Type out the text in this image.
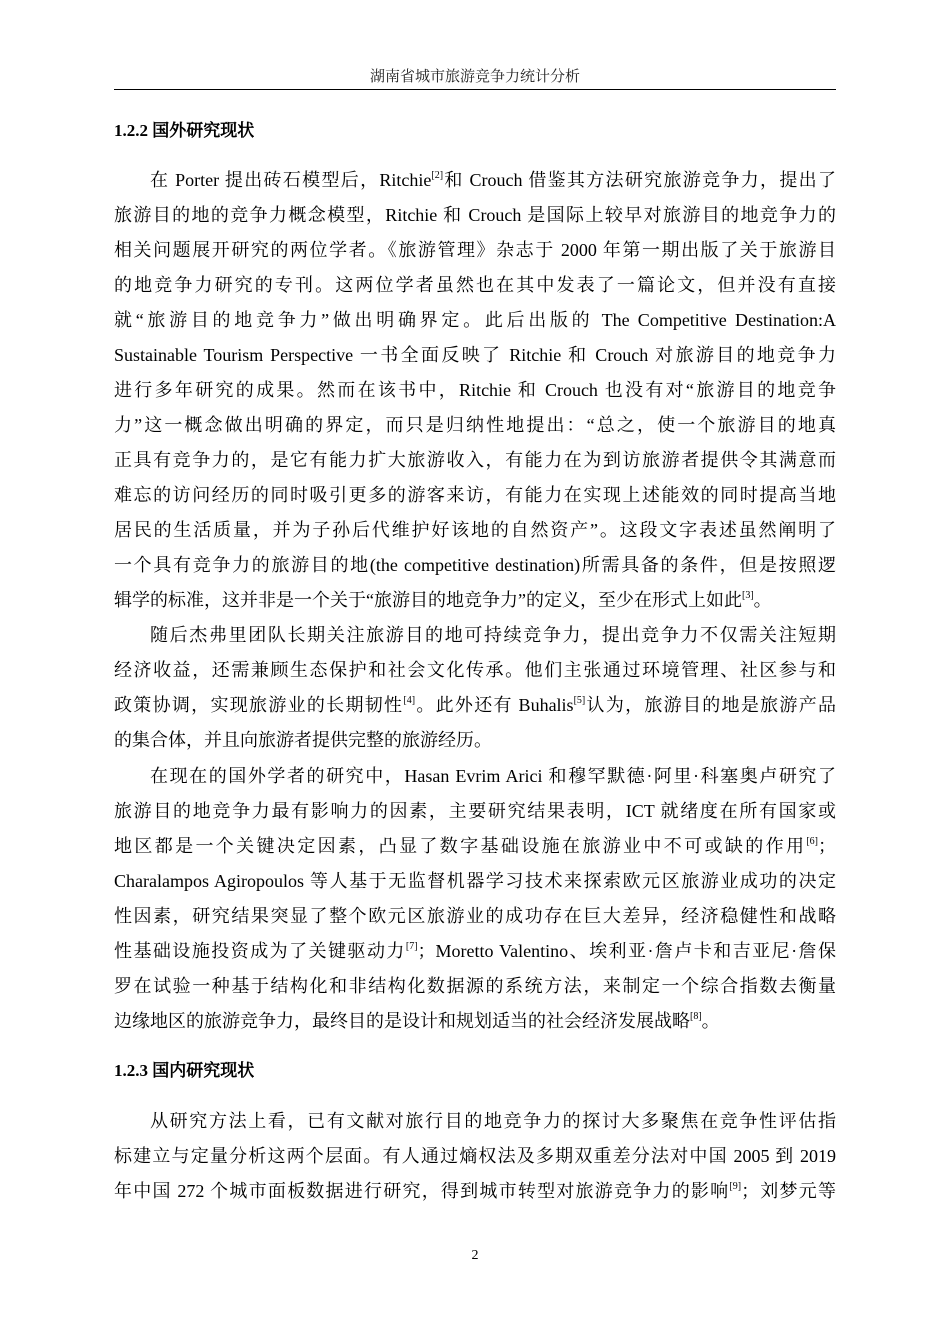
湖南省城市旅游竞争力统计分析
1.2.2 国外研究现状
在 Porter 提出砖石模型后，Ritchie[2]和 Crouch 借鉴其方法研究旅游竞争力，提出了
旅游目的地的竞争力概念模型，Ritchie 和 Crouch 是国际上较早对旅游目的地竞争力的
相关问题展开研究的两位学者。《旅游管理》杂志于 2000 年第一期出版了关于旅游目
的地竞争力研究的专刊。这两位学者虽然也在其中发表了一篇论文，但并没有直接
就“旅游目的地竞争力”做出明确界定。此后出版的 The Competitive Destination:A
Sustainable Tourism Perspective 一书全面反映了 Ritchie 和 Crouch 对旅游目的地竞争力
进行多年研究的成果。然而在该书中，Ritchie 和 Crouch 也没有对“旅游目的地竞争
力”这一概念做出明确的界定，而只是归纳性地提出：“总之，使一个旅游目的地真
正具有竞争力的，是它有能力扩大旅游收入，有能力在为到访旅游者提供令其满意而
难忘的访问经历的同时吸引更多的游客来访，有能力在实现上述能效的同时提高当地
居民的生活质量，并为子孙后代维护好该地的自然资产”。这段文字表述虽然阐明了
一个具有竞争力的旅游目的地(the competitive destination)所需具备的条件，但是按照逻
辑学的标准，这并非是一个关于“旅游目的地竞争力”的定义，至少在形式上如此[3]。
随后杰弗里团队长期关注旅游目的地可持续竞争力，提出竞争力不仅需关注短期
经济收益，还需兼顾生态保护和社会文化传承。他们主张通过环境管理、社区参与和
政策协调，实现旅游业的长期韧性[4]。此外还有 Buhalis[5]认为，旅游目的地是旅游产品
的集合体，并且向旅游者提供完整的旅游经历。
在现在的国外学者的研究中，Hasan Evrim Arici 和穆罕默德·阿里·科塞奥卢研究了
旅游目的地竞争力最有影响力的因素，主要研究结果表明，ICT 就绪度在所有国家或
地区都是一个关键决定因素，凸显了数字基础设施在旅游业中不可或缺的作用[6]；
Charalampos Agiropoulos 等人基于无监督机器学习技术来探索欧元区旅游业成功的决定
性因素，研究结果突显了整个欧元区旅游业的成功存在巨大差异，经济稳健性和战略
性基础设施投资成为了关键驱动力[7]；Moretto Valentino、埃利亚·詹卢卡和吉亚尼·詹保
罗在试验一种基于结构化和非结构化数据源的系统方法，来制定一个综合指数去衡量
边缘地区的旅游竞争力，最终目的是设计和规划适当的社会经济发展战略[8]。
1.2.3 国内研究现状
从研究方法上看，已有文献对旅行目的地竞争力的探讨大多聚焦在竞争性评估指
标建立与定量分析这两个层面。有人通过熵权法及多期双重差分法对中国 2005 到 2019
年中国 272 个城市面板数据进行研究，得到城市转型对旅游竞争力的影响[9]；刘梦元等
2
